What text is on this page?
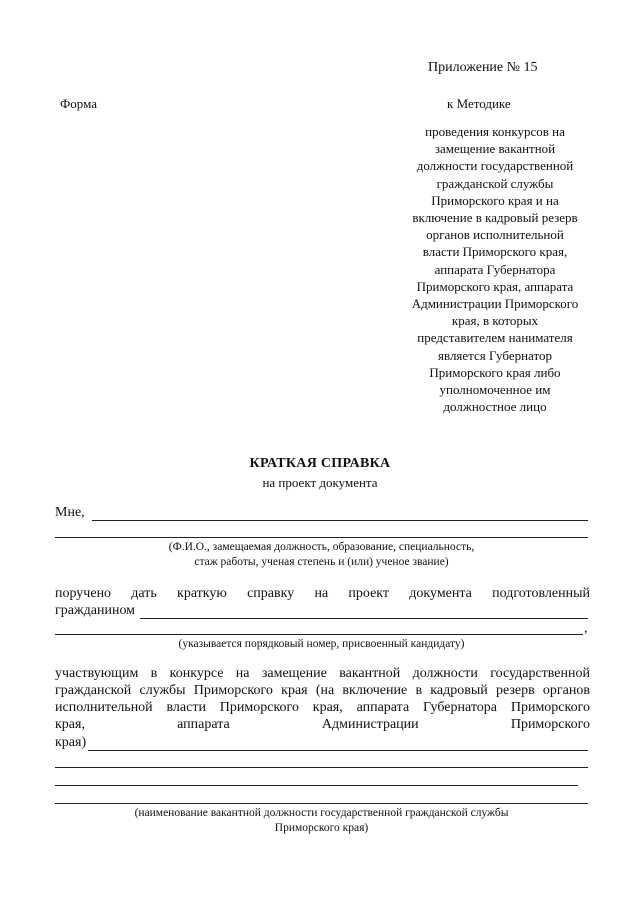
Приложение № 15
Форма	к Методике
проведения конкурсов на
замещение вакантной
должности государственной
гражданской службы
Приморского края и на
включение в кадровый резерв
органов исполнительной
власти Приморского края,
аппарата Губернатора
Приморского края, аппарата
Администрации Приморского
края, в которых
представителем нанимателя
является Губернатор
Приморского края либо
уполномоченное им
должностное лицо
КРАТКАЯ СПРАВКА
на проект документа
Мне,
(Ф.И.О., замещаемая должность, образование, специальность,
стаж работы, ученая степень и (или) ученое звание)
поручено дать краткую справку на проект документа подготовленный
гражданином
,
(указывается порядковый номер, присвоенный кандидату)
участвующим в конкурсе на замещение вакантной должности государственной
гражданской службы Приморского края (на включение в кадровый резерв органов
исполнительной власти Приморского края, аппарата Губернатора Приморского
края, аппарата Администрации Приморского
края)
(наименование вакантной должности государственной гражданской службы
Приморского края)
